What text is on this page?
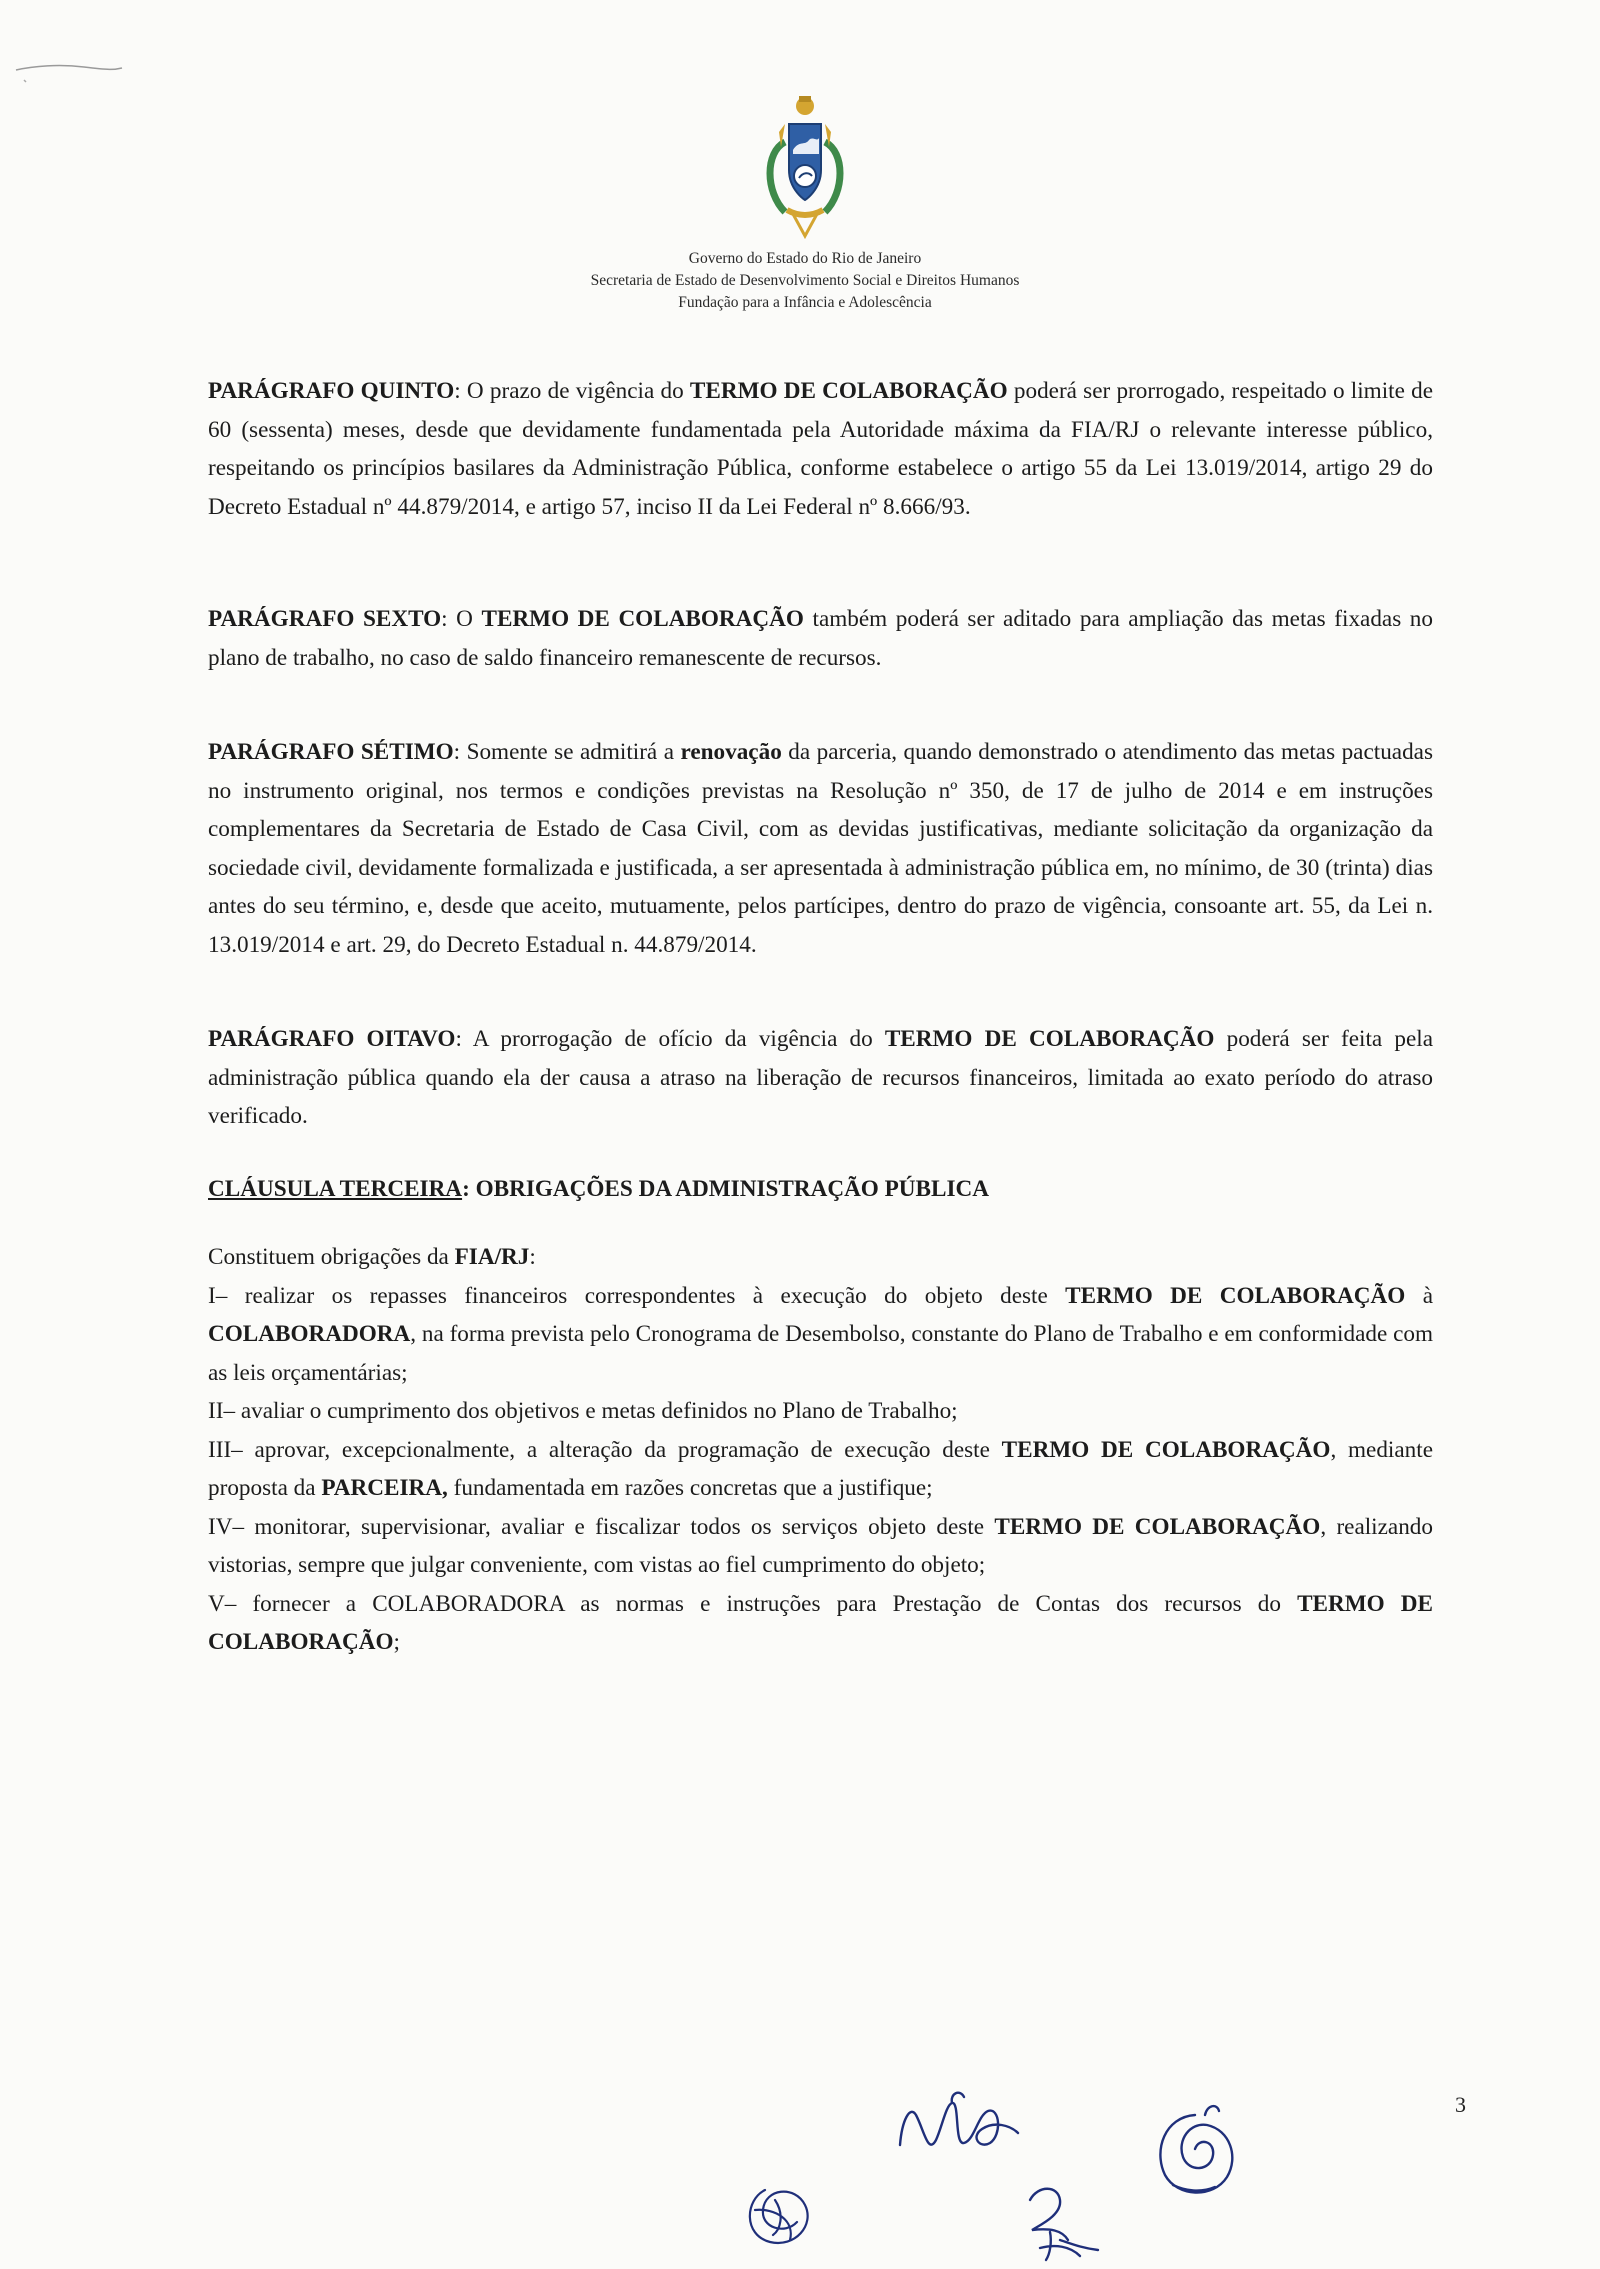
Governo do Estado do Rio de Janeiro
Secretaria de Estado de Desenvolvimento Social e Direitos Humanos
Fundação para a Infância e Adolescência

PARÁGRAFO QUINTO: O prazo de vigência do TERMO DE COLABORAÇÃO poderá ser prorrogado, respeitado o limite de 60 (sessenta) meses, desde que devidamente fundamentada pela Autoridade máxima da FIA/RJ o relevante interesse público, respeitando os princípios basilares da Administração Pública, conforme estabelece o artigo 55 da Lei 13.019/2014, artigo 29 do Decreto Estadual nº 44.879/2014, e artigo 57, inciso II da Lei Federal nº 8.666/93.

PARÁGRAFO SEXTO: O TERMO DE COLABORAÇÃO também poderá ser aditado para ampliação das metas fixadas no plano de trabalho, no caso de saldo financeiro remanescente de recursos.

PARÁGRAFO SÉTIMO: Somente se admitirá a renovação da parceria, quando demonstrado o atendimento das metas pactuadas no instrumento original, nos termos e condições previstas na Resolução nº 350, de 17 de julho de 2014 e em instruções complementares da Secretaria de Estado de Casa Civil, com as devidas justificativas, mediante solicitação da organização da sociedade civil, devidamente formalizada e justificada, a ser apresentada à administração pública em, no mínimo, de 30 (trinta) dias antes do seu término, e, desde que aceito, mutuamente, pelos partícipes, dentro do prazo de vigência, consoante art. 55, da Lei n. 13.019/2014 e art. 29, do Decreto Estadual n. 44.879/2014.

PARÁGRAFO OITAVO: A prorrogação de ofício da vigência do TERMO DE COLABORAÇÃO poderá ser feita pela administração pública quando ela der causa a atraso na liberação de recursos financeiros, limitada ao exato período do atraso verificado.

CLÁUSULA TERCEIRA: OBRIGAÇÕES DA ADMINISTRAÇÃO PÚBLICA

Constituem obrigações da FIA/RJ:

I– realizar os repasses financeiros correspondentes à execução do objeto deste TERMO DE COLABORAÇÃO à COLABORADORA, na forma prevista pelo Cronograma de Desembolso, constante do Plano de Trabalho e em conformidade com as leis orçamentárias;

II– avaliar o cumprimento dos objetivos e metas definidos no Plano de Trabalho;

III– aprovar, excepcionalmente, a alteração da programação de execução deste TERMO DE COLABORAÇÃO, mediante proposta da PARCEIRA, fundamentada em razões concretas que a justifique;

IV– monitorar, supervisionar, avaliar e fiscalizar todos os serviços objeto deste TERMO DE COLABORAÇÃO, realizando vistorias, sempre que julgar conveniente, com vistas ao fiel cumprimento do objeto;

V– fornecer a COLABORADORA as normas e instruções para Prestação de Contas dos recursos do TERMO DE COLABORAÇÃO;

3
